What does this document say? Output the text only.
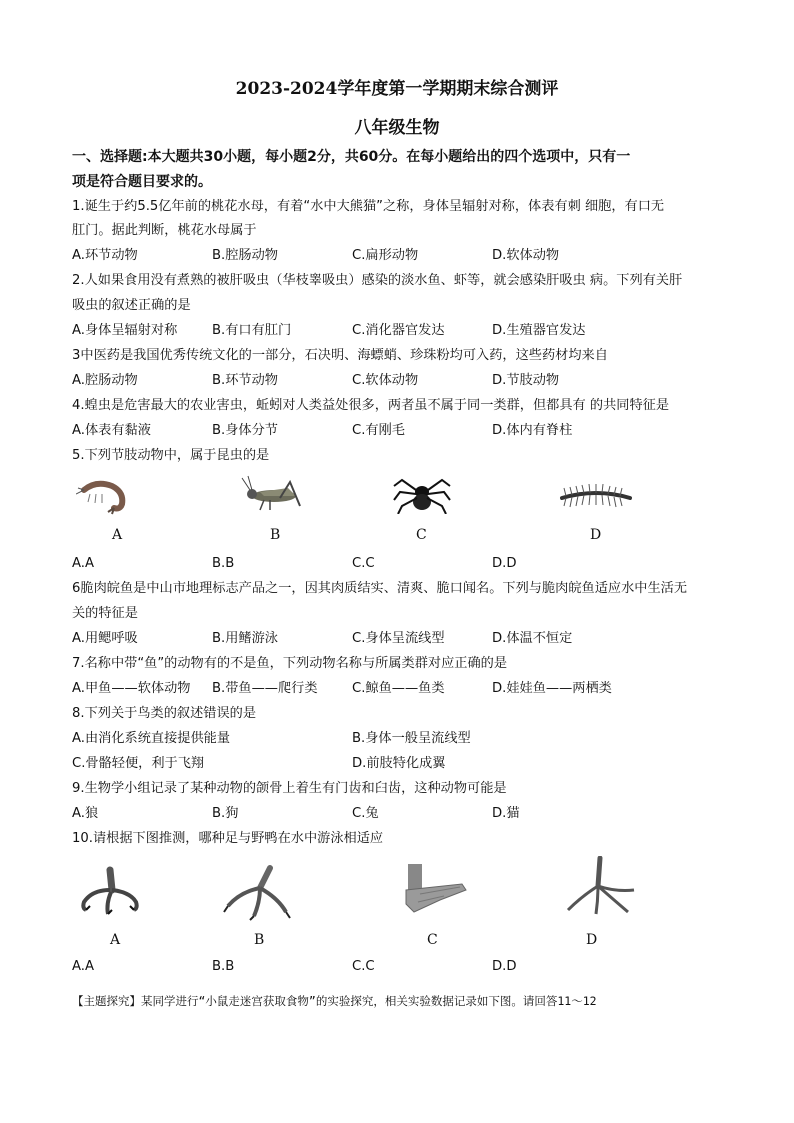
2023-2024学年度第一学期期末综合测评
八年级生物
一、选择题:本大题共30小题，每小题2分，共60分。在每小题给出的四个选项中，只有一
项是符合题目要求的。
1.诞生于约5.5亿年前的桃花水母，有着“水中大熊猫”之称，身体呈辐射对称，体表有刺 细胞，有口无
肛门。据此判断，桃花水母属于
A.环节动物	B.腔肠动物	C.扁形动物	D.软体动物
2.人如果食用没有煮熟的被肝吸虫（华枝睾吸虫）感染的淡水鱼、虾等，就会感染肝吸虫 病。下列有关肝
吸虫的叙述正确的是
A.身体呈辐射对称	B.有口有肛门	C.消化器官发达	D.生殖器官发达
3中医药是我国优秀传统文化的一部分，石决明、海螵蛸、珍珠粉均可入药，这些药材均来自
A.腔肠动物	B.环节动物	C.软体动物	D.节肢动物
4.蝗虫是危害最大的农业害虫，蚯蚓对人类益处很多，两者虽不属于同一类群，但都具有 的共同特征是
A.体表有黏液	B.身体分节	C.有刚毛	D.体内有脊柱
5.下列节肢动物中，属于昆虫的是
A	B	C	D
A.A	B.B	C.C	D.D
6脆肉皖鱼是中山市地理标志产品之一，因其肉质结实、清爽、脆口闻名。下列与脆肉皖鱼适应水中生活无
关的特征是
A.用鳃呼吸	B.用鳍游泳	C.身体呈流线型	D.体温不恒定
7.名称中带“鱼”的动物有的不是鱼，下列动物名称与所属类群对应正确的是
A.甲鱼——软体动物 B.带鱼——爬行类	C.鲸鱼——鱼类	D.娃娃鱼——两栖类
8.下列关于鸟类的叙述错误的是
A.由消化系统直接提供能量	B.身体一般呈流线型
C.骨骼轻便，利于飞翔	D.前肢特化成翼
9.生物学小组记录了某种动物的颌骨上着生有门齿和臼齿，这种动物可能是
A.狼	B.狗	C.兔	D.猫
10.请根据下图推测，哪种足与野鸭在水中游泳相适应
A	B	C	D
A.A	B.B	C.C	D.D
【主题探究】某同学进行“小鼠走迷宫获取食物”的实验探究，相关实验数据记录如下图。请回答11～12
